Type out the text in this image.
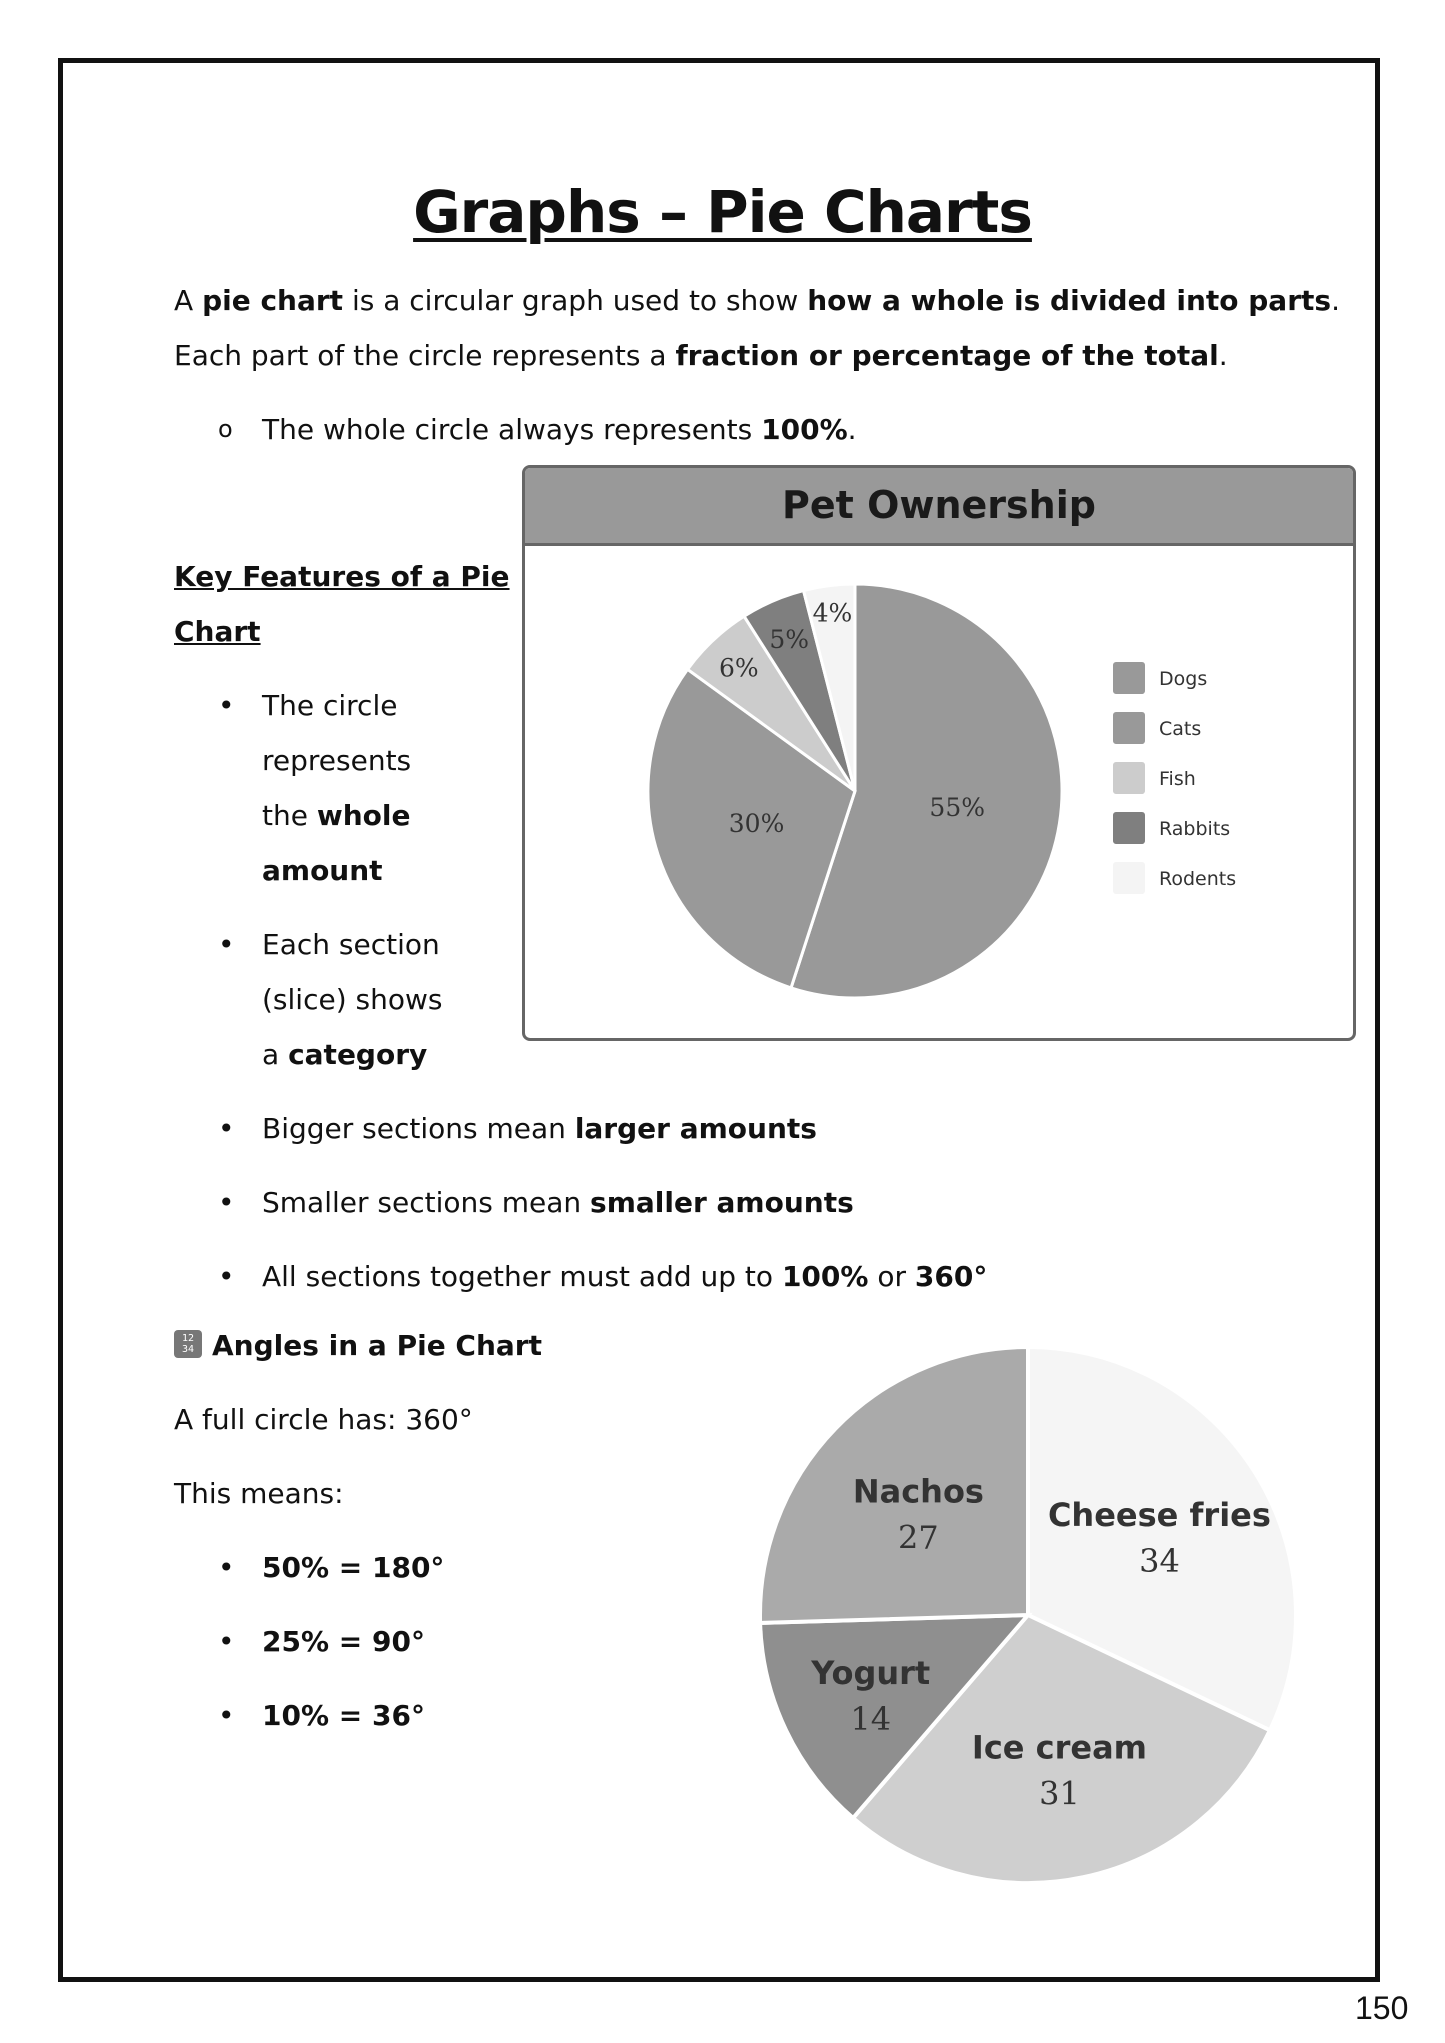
Graphs – Pie Charts
A pie chart is a circular graph used to show how a whole is divided into parts.
Each part of the circle represents a fraction or percentage of the total.
o The whole circle always represents 100%.
Key Features of a Pie
Chart
• The circle
represents
the whole
amount
• Each section
(slice) shows
a category
• Bigger sections mean larger amounts
• Smaller sections mean smaller amounts
• All sections together must add up to 100% or 360°
12
34 Angles in a Pie Chart
A full circle has: 360°
This means:
• 50% = 180°
• 25% = 90°
• 10% = 36°
Pet Ownership
55%
30%
6%
5%
4%
Dogs
Cats
Fish
Rabbits
Rodents
Cheese fries
34
Ice cream
31
Yogurt
14
Nachos
27
150
